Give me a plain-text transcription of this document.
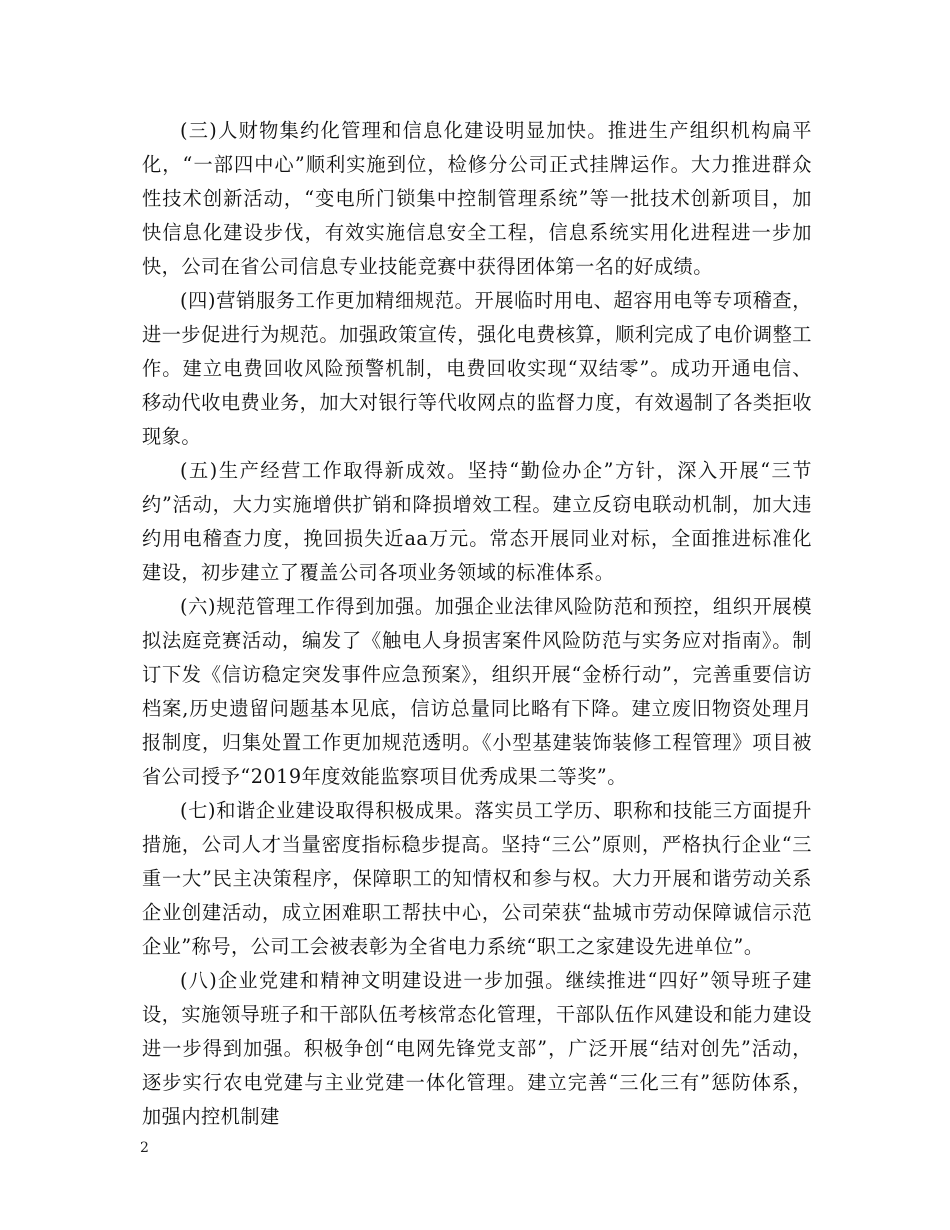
(三)人财物集约化管理和信息化建设明显加快。推进生产组织机构扁平化，“一部四中心”顺利实施到位，检修分公司正式挂牌运作。大力推进群众性技术创新活动，“变电所门锁集中控制管理系统”等一批技术创新项目，加快信息化建设步伐，有效实施信息安全工程，信息系统实用化进程进一步加快，公司在省公司信息专业技能竞赛中获得团体第一名的好成绩。

(四)营销服务工作更加精细规范。开展临时用电、超容用电等专项稽查，进一步促进行为规范。加强政策宣传，强化电费核算，顺利完成了电价调整工作。建立电费回收风险预警机制，电费回收实现“双结零”。成功开通电信、移动代收电费业务，加大对银行等代收网点的监督力度，有效遏制了各类拒收现象。

(五)生产经营工作取得新成效。坚持“勤俭办企”方针，深入开展“三节约”活动，大力实施增供扩销和降损增效工程。建立反窃电联动机制，加大违约用电稽查力度，挽回损失近aa万元。常态开展同业对标，全面推进标准化建设，初步建立了覆盖公司各项业务领域的标准体系。

(六)规范管理工作得到加强。加强企业法律风险防范和预控，组织开展模拟法庭竞赛活动，编发了《触电人身损害案件风险防范与实务应对指南》。制订下发《信访稳定突发事件应急预案》，组织开展“金桥行动”，完善重要信访档案,历史遗留问题基本见底，信访总量同比略有下降。建立废旧物资处理月报制度，归集处置工作更加规范透明。《小型基建装饰装修工程管理》项目被省公司授予“2019年度效能监察项目优秀成果二等奖”。

(七)和谐企业建设取得积极成果。落实员工学历、职称和技能三方面提升措施，公司人才当量密度指标稳步提高。坚持“三公”原则，严格执行企业“三重一大”民主决策程序，保障职工的知情权和参与权。大力开展和谐劳动关系企业创建活动，成立困难职工帮扶中心，公司荣获“盐城市劳动保障诚信示范企业”称号，公司工会被表彰为全省电力系统“职工之家建设先进单位”。

(八)企业党建和精神文明建设进一步加强。继续推进“四好”领导班子建设，实施领导班子和干部队伍考核常态化管理，干部队伍作风建设和能力建设进一步得到加强。积极争创“电网先锋党支部”，广泛开展“结对创先”活动，逐步实行农电党建与主业党建一体化管理。建立完善“三化三有”惩防体系，加强内控机制建

2
